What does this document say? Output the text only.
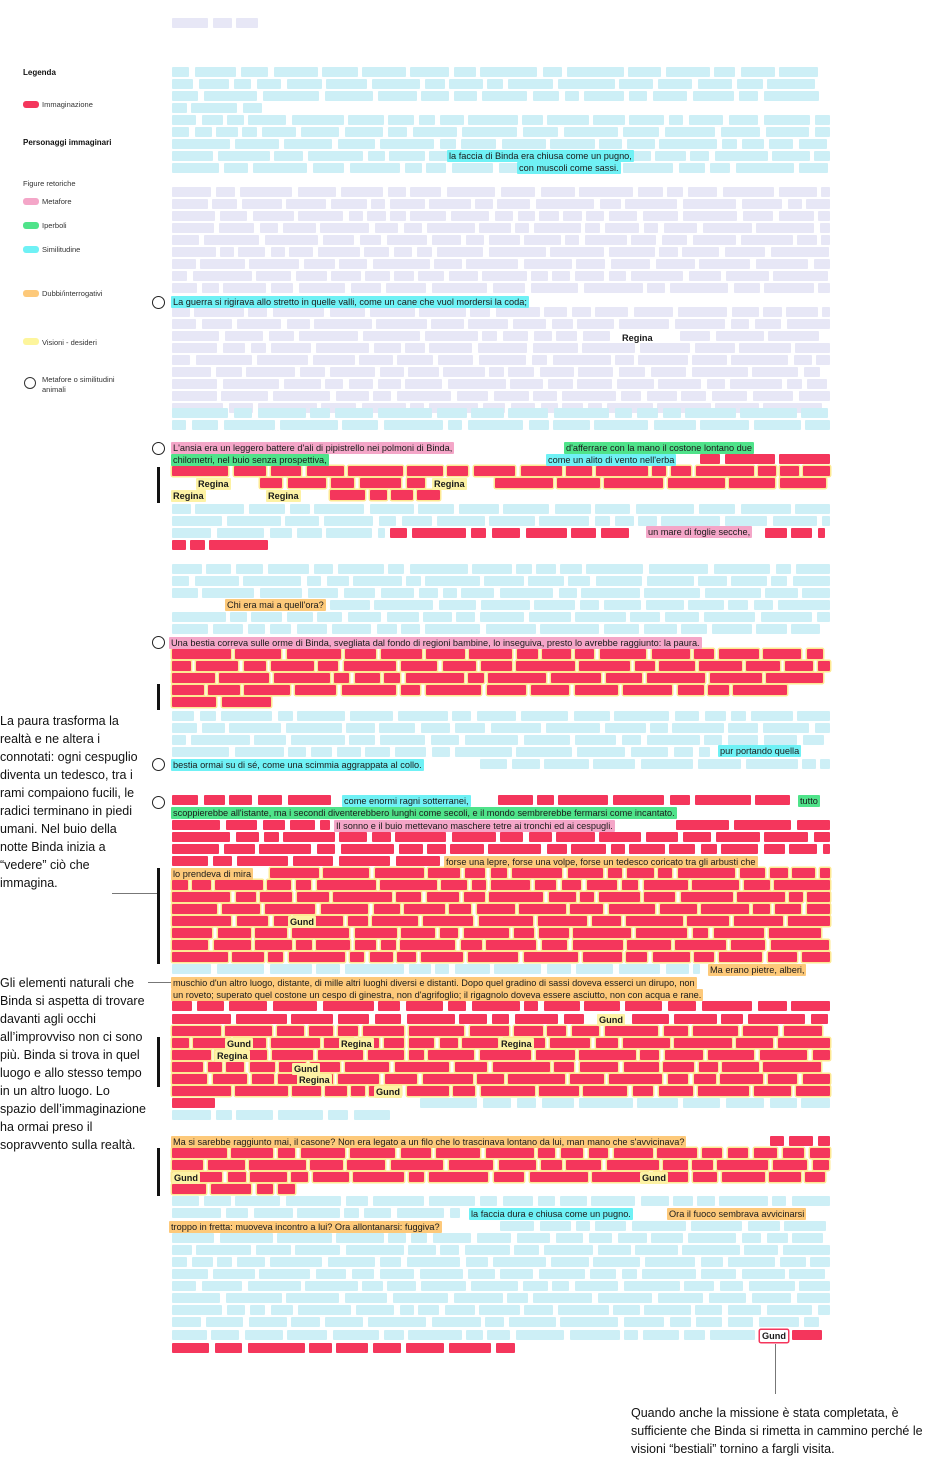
Legenda
Immaginazione
Personaggi immaginari
Figure retoriche
Metafore
Iperboli
Similitudine
Dubbi/interrogativi
Visioni - desideri
Metafore o similitudini animali
La paura trasforma la realtà e ne altera i connotati: ogni cespuglio diventa un tedesco, tra i rami compaiono fucili, le radici terminano in piedi umani. Nel buio della notte Binda inizia a “vedere” ciò che immagina.
Gli elementi naturali che Binda si aspetta di trovare davanti agli occhi all’improvviso non ci sono più. Binda si trova in quel luogo e allo stesso tempo in un altro luogo. Lo spazio dell’immaginazione ha ormai preso il sopravvento sulla realtà.
Quando anche la missione è stata completata, è sufficiente che Binda si rimetta in cammino perché le visioni “bestiali” tornino a fargli visita.
la faccia di Binda era chiusa come un pugno,
con muscoli come sassi.
La guerra si rigirava allo stretto in quelle valli, come un cane che vuol mordersi la coda;
Regina
L'ansia era un leggero battere d'ali di pipistrello nei polmoni di Binda,	d'afferrare con la mano il costone lontano due
chilometri, nel buio senza prospettiva,	come un alito di vento nell'erba
Regina	Regina
Regina	Regina
un mare di foglie secche,
Chi era mai a quell'ora?
Una bestia correva sulle orme di Binda, svegliata dal fondo di regioni bambine, lo inseguiva, presto lo avrebbe raggiunto: la paura.
pur portando quella
bestia ormai su di sé, come una scimmia aggrappata al collo.
come enormi ragni sotterranei,	tutto
scoppierebbe all'istante, ma i secondi diventerebbero lunghi come secoli, e il mondo sembrerebbe fermarsi come incantato.
Il sonno e il buio mettevano maschere tetre ai tronchi ed ai cespugli.
forse una lepre, forse una volpe, forse un tedesco coricato tra gli arbusti che
lo prendeva di mira
Gund
Ma erano pietre, alberi,
muschio d'un altro luogo, distante, di mille altri luoghi diversi e distanti. Dopo quel gradino di sassi doveva esserci un dirupo, non
un roveto; superato quel costone un cespo di ginestra, non d'agrifoglio; il rigagnolo doveva essere asciutto, non con acqua e rane.
Gund
Gund	Regina	Regina
Regina
Gund
Regina
Gund
Ma si sarebbe raggiunto mai, il casone? Non era legato a un filo che lo trascinava lontano da lui, man mano che s'avvicinava?
Gund	Gund
la faccia dura e chiusa come un pugno.	Ora il fuoco sembrava avvicinarsi
troppo in fretta: muoveva incontro a lui? Ora allontanarsi: fuggiva?
Gund
